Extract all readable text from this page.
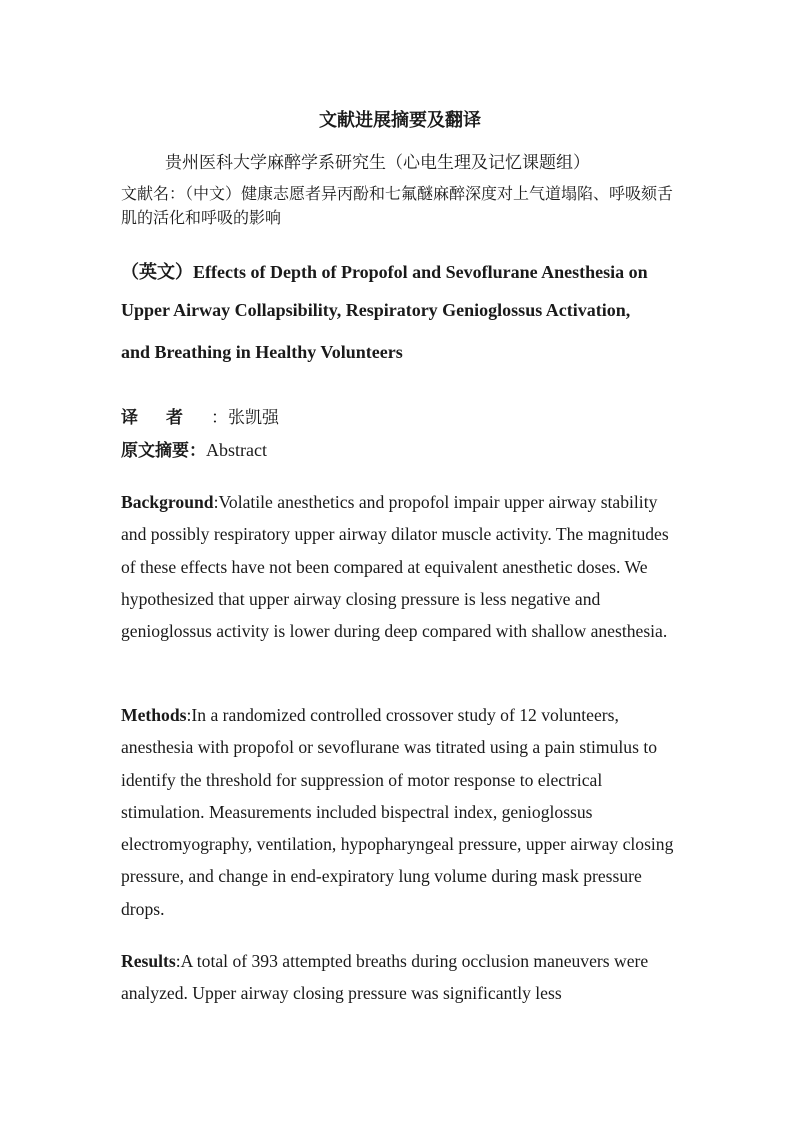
文献进展摘要及翻译
贵州医科大学麻醉学系研究生（心电生理及记忆课题组）
文献名：（中文）健康志愿者异丙酚和七氟醚麻醉深度对上气道塌陷、呼吸颏舌肌的活化和呼吸的影响
（英文）Effects of Depth of Propofol and Sevoflurane Anesthesia on
Upper Airway Collapsibility, Respiratory Genioglossus Activation,
and Breathing in Healthy Volunteers
译者：张凯强
原文摘要：Abstract
Background:Volatile anesthetics and propofol impair upper airway stability and possibly respiratory upper airway dilator muscle activity. The magnitudes of these effects have not been compared at equivalent anesthetic doses. We hypothesized that upper airway closing pressure is less negative and genioglossus activity is lower during deep compared with shallow anesthesia.
Methods:In a randomized controlled crossover study of 12 volunteers, anesthesia with propofol or sevoflurane was titrated using a pain stimulus to identify the threshold for suppression of motor response to electrical stimulation. Measurements included bispectral index, genioglossus electromyography, ventilation, hypopharyngeal pressure, upper airway closing pressure, and change in end-expiratory lung volume during mask pressure drops.
Results:A total of 393 attempted breaths during occlusion maneuvers were analyzed. Upper airway closing pressure was significantly less
